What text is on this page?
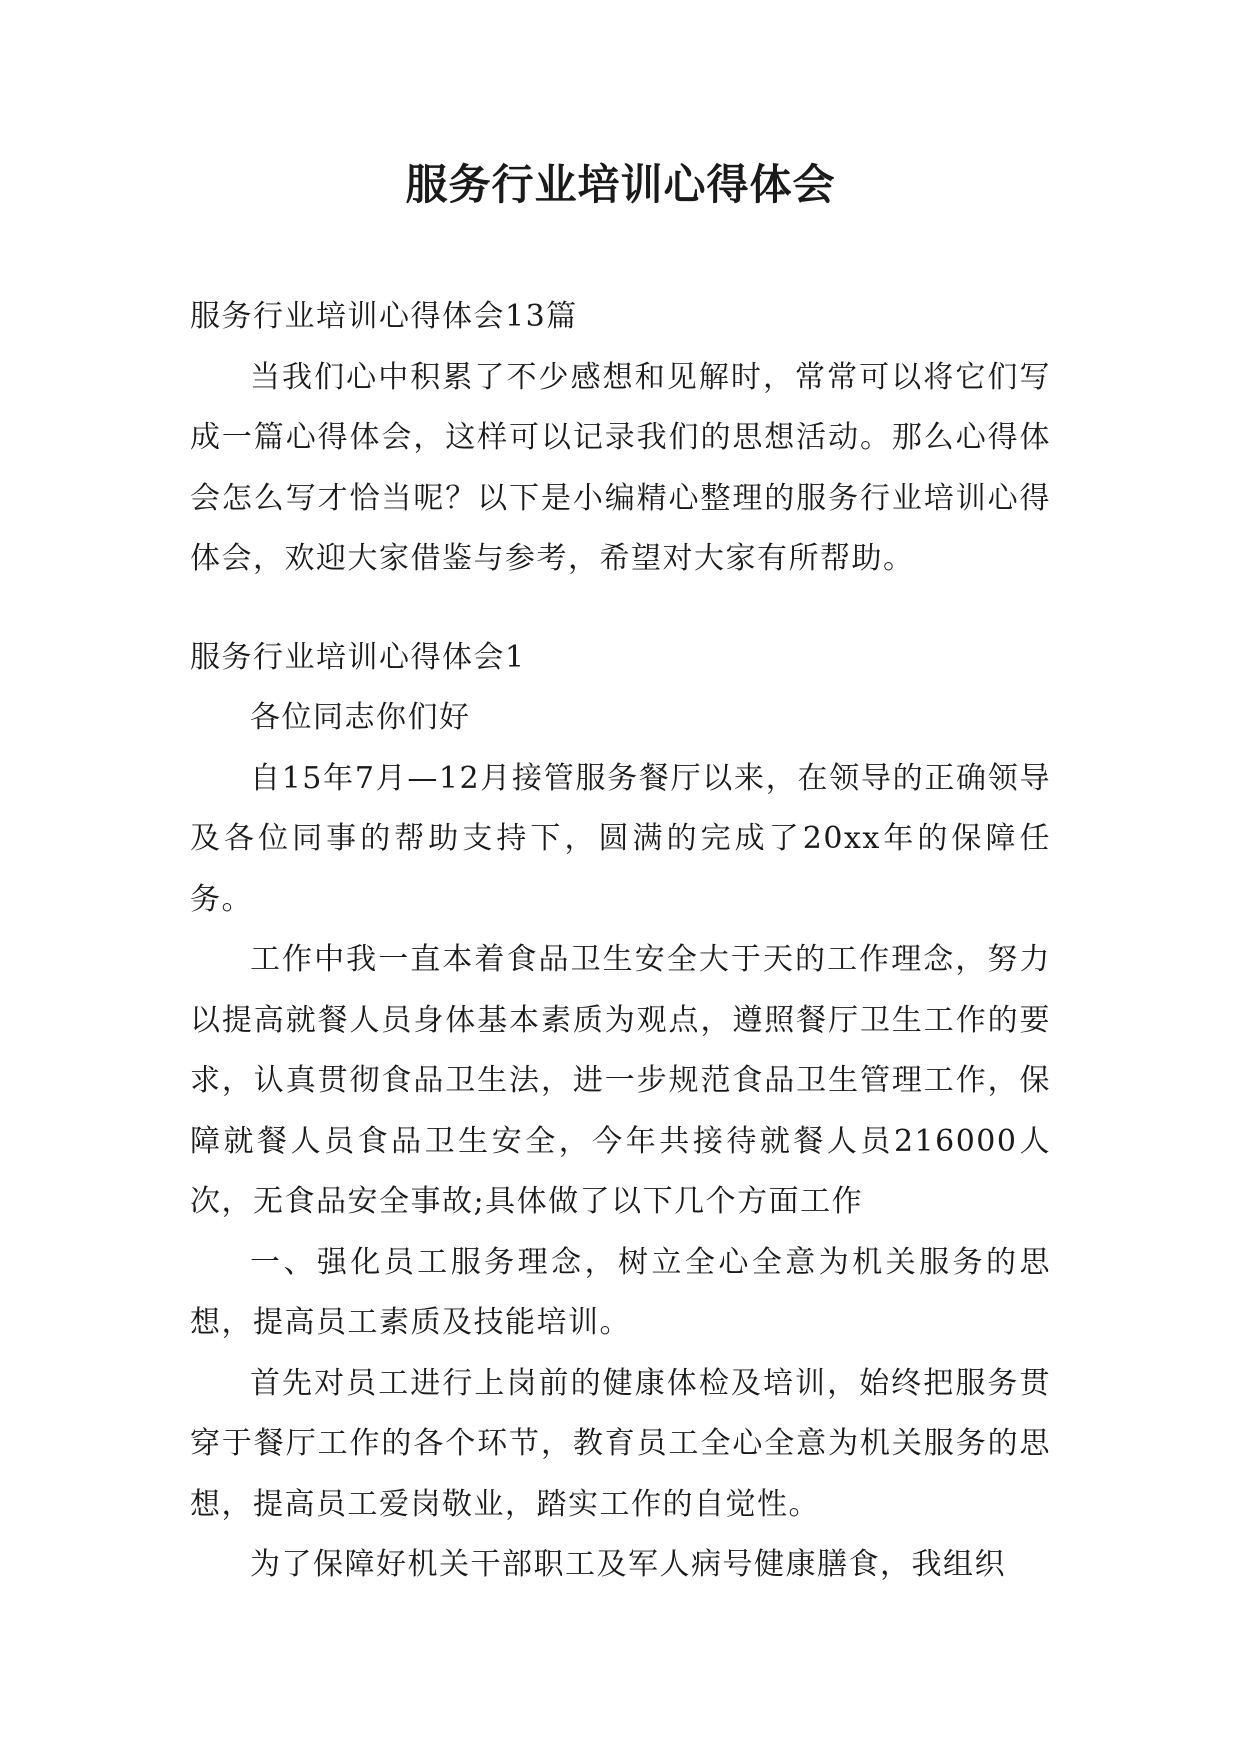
服务行业培训心得体会

服务行业培训心得体会13篇

当我们心中积累了不少感想和见解时，常常可以将它们写成一篇心得体会，这样可以记录我们的思想活动。那么心得体会怎么写才恰当呢？以下是小编精心整理的服务行业培训心得体会，欢迎大家借鉴与参考，希望对大家有所帮助。

服务行业培训心得体会1

各位同志你们好

自15年7月—12月接管服务餐厅以来，在领导的正确领导及各位同事的帮助支持下，圆满的完成了20xx年的保障任务。

工作中我一直本着食品卫生安全大于天的工作理念，努力以提高就餐人员身体基本素质为观点，遵照餐厅卫生工作的要求，认真贯彻食品卫生法，进一步规范食品卫生管理工作，保障就餐人员食品卫生安全，今年共接待就餐人员216000人次，无食品安全事故;具体做了以下几个方面工作

一、强化员工服务理念，树立全心全意为机关服务的思想，提高员工素质及技能培训。

首先对员工进行上岗前的健康体检及培训，始终把服务贯穿于餐厅工作的各个环节，教育员工全心全意为机关服务的思想，提高员工爱岗敬业，踏实工作的自觉性。

为了保障好机关干部职工及军人病号健康膳食，我组织
